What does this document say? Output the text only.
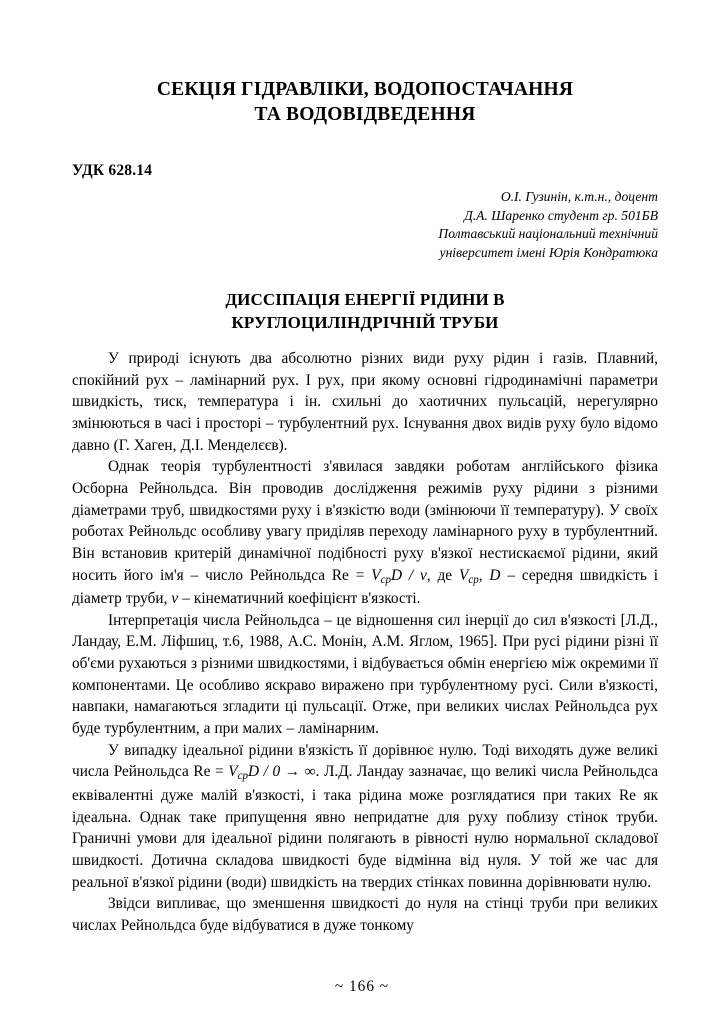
СЕКЦІЯ ГІДРАВЛІКИ, ВОДОПОСТАЧАННЯ
ТА ВОДОВІДВЕДЕННЯ
УДК 628.14
О.І. Гузинін, к.т.н., доцент
Д.А. Шаренко студент гр. 501БВ
Полтавський національний технічний
університет імені Юрія Кондратюка
ДИССІПАЦІЯ ЕНЕРГІЇ РІДИНИ В
КРУГЛОЦИЛІНДРІЧНІЙ ТРУБИ

У природі існують два абсолютно різних види руху рідин і газів. Плавний, спокійний рух – ламінарний рух. І рух, при якому основні гідродинамічні параметри швидкість, тиск, температура і ін. схильні до хаотичних пульсацій, нерегулярно змінюються в часі і просторі – турбулентний рух. Існування двох видів руху було відомо давно (Г. Хаген, Д.І. Менделєєв).

Однак теорія турбулентності з'явилася завдяки роботам англійського фізика Осборна Рейнольдса. Він проводив дослідження режимів руху рідини з різними діаметрами труб, швидкостями руху і в'язкістю води (змінюючи її температуру). У своїх роботах Рейнольдс особливу увагу приділяв переходу ламінарного руху в турбулентний. Він встановив критерій динамічної подібності руху в'язкої нестискаємої рідини, який носить його ім'я – число Рейнольдса $Re = V_{ср}D / \nu$, де $V_{ср}$, D – середня швидкість і діаметр труби, ν – кінематичний коефіцієнт в'язкості.

Інтерпретація числа Рейнольдса – це відношення сил інерції до сил в'язкості [Л.Д., Ландау, Е.М. Ліфшиц, т.6, 1988, А.С. Монін, А.М. Яглом, 1965]. При русі рідини різні її об'єми рухаються з різними швидкостями, і відбувається обмін енергією між окремими її компонентами. Це особливо яскраво виражено при турбулентному русі. Сили в'язкості, навпаки, намагаються згладити ці пульсації. Отже, при великих числах Рейнольдса рух буде турбулентним, а при малих – ламінарним.

У випадку ідеальної рідини в'язкість її дорівнює нулю. Тоді виходять дуже великі числа Рейнольдса $Re = V_{ср}D / 0$ → ∞. Л.Д. Ландау зазначає, що великі числа Рейнольдса еквівалентні дуже малій в'язкості, і така рідина може розглядатися при таких Re як ідеальна. Однак таке припущення явно непридатне для руху поблизу стінок труби. Граничні умови для ідеальної рідини полягають в рівності нулю нормальної складової швидкості. Дотична складова швидкості буде відмінна від нуля. У той же час для реальної в'язкої рідини (води) швидкість на твердих стінках повинна дорівнювати нулю.

Звідси випливає, що зменшення швидкості до нуля на стінці труби при великих числах Рейнольдса буде відбуватися в дуже тонкому

~ 166 ~
